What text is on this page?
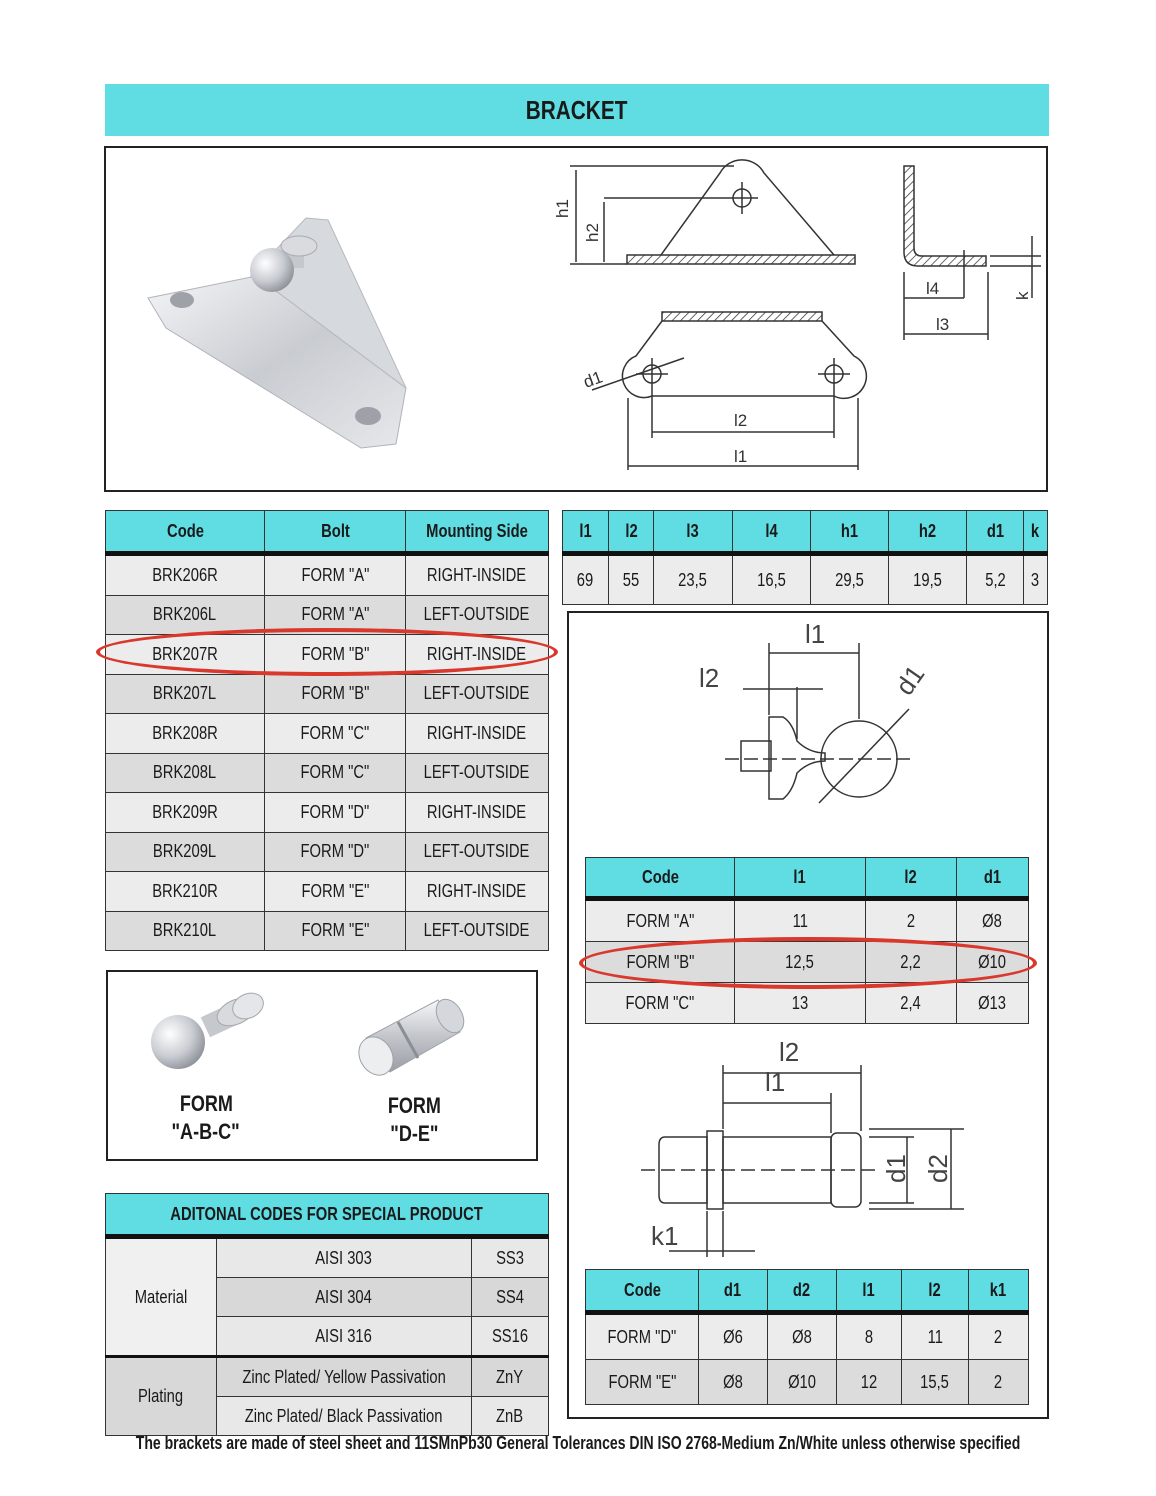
BRACKET
h1
h2
l4
l3
k
d1
l2
l1
Code	Bolt	Mounting Side
BRK206R	FORM "A"	RIGHT-INSIDE
BRK206L	FORM "A"	LEFT-OUTSIDE
BRK207R	FORM "B"	RIGHT-INSIDE
BRK207L	FORM "B"	LEFT-OUTSIDE
BRK208R	FORM "C"	RIGHT-INSIDE
BRK208L	FORM "C"	LEFT-OUTSIDE
BRK209R	FORM "D"	RIGHT-INSIDE
BRK209L	FORM "D"	LEFT-OUTSIDE
BRK210R	FORM "E"	RIGHT-INSIDE
BRK210L	FORM "E"	LEFT-OUTSIDE
l1	l2	l3	l4	h1	h2	d1	k
69	55	23,5	16,5	29,5	19,5	5,2	3
l1
l2	d1
l2
l1
d1 d2
k1
Code	l1	l2	d1
FORM "A"	11	2	Ø8
FORM "B"	12,5	2,2	Ø10
FORM "C"	13	2,4	Ø13
Code	d1	d2	l1	l2	k1
FORM "D"	Ø6	Ø8	8	11	2
FORM "E"	Ø8	Ø10	12	15,5	2
FORM
"A-B-C"
FORM
"D-E"
ADITONAL CODES FOR SPECIAL PRODUCT		
Material	AISI 303	SS3
	AISI 304	SS4
	AISI 316	SS16
Plating	Zinc Plated/ Yellow Passivation	ZnY
	Zinc Plated/ Black Passivation	ZnB
The brackets are made of steel sheet and 11SMnPb30 General Tolerances DIN ISO 2768-Medium Zn/White unless otherwise specified
